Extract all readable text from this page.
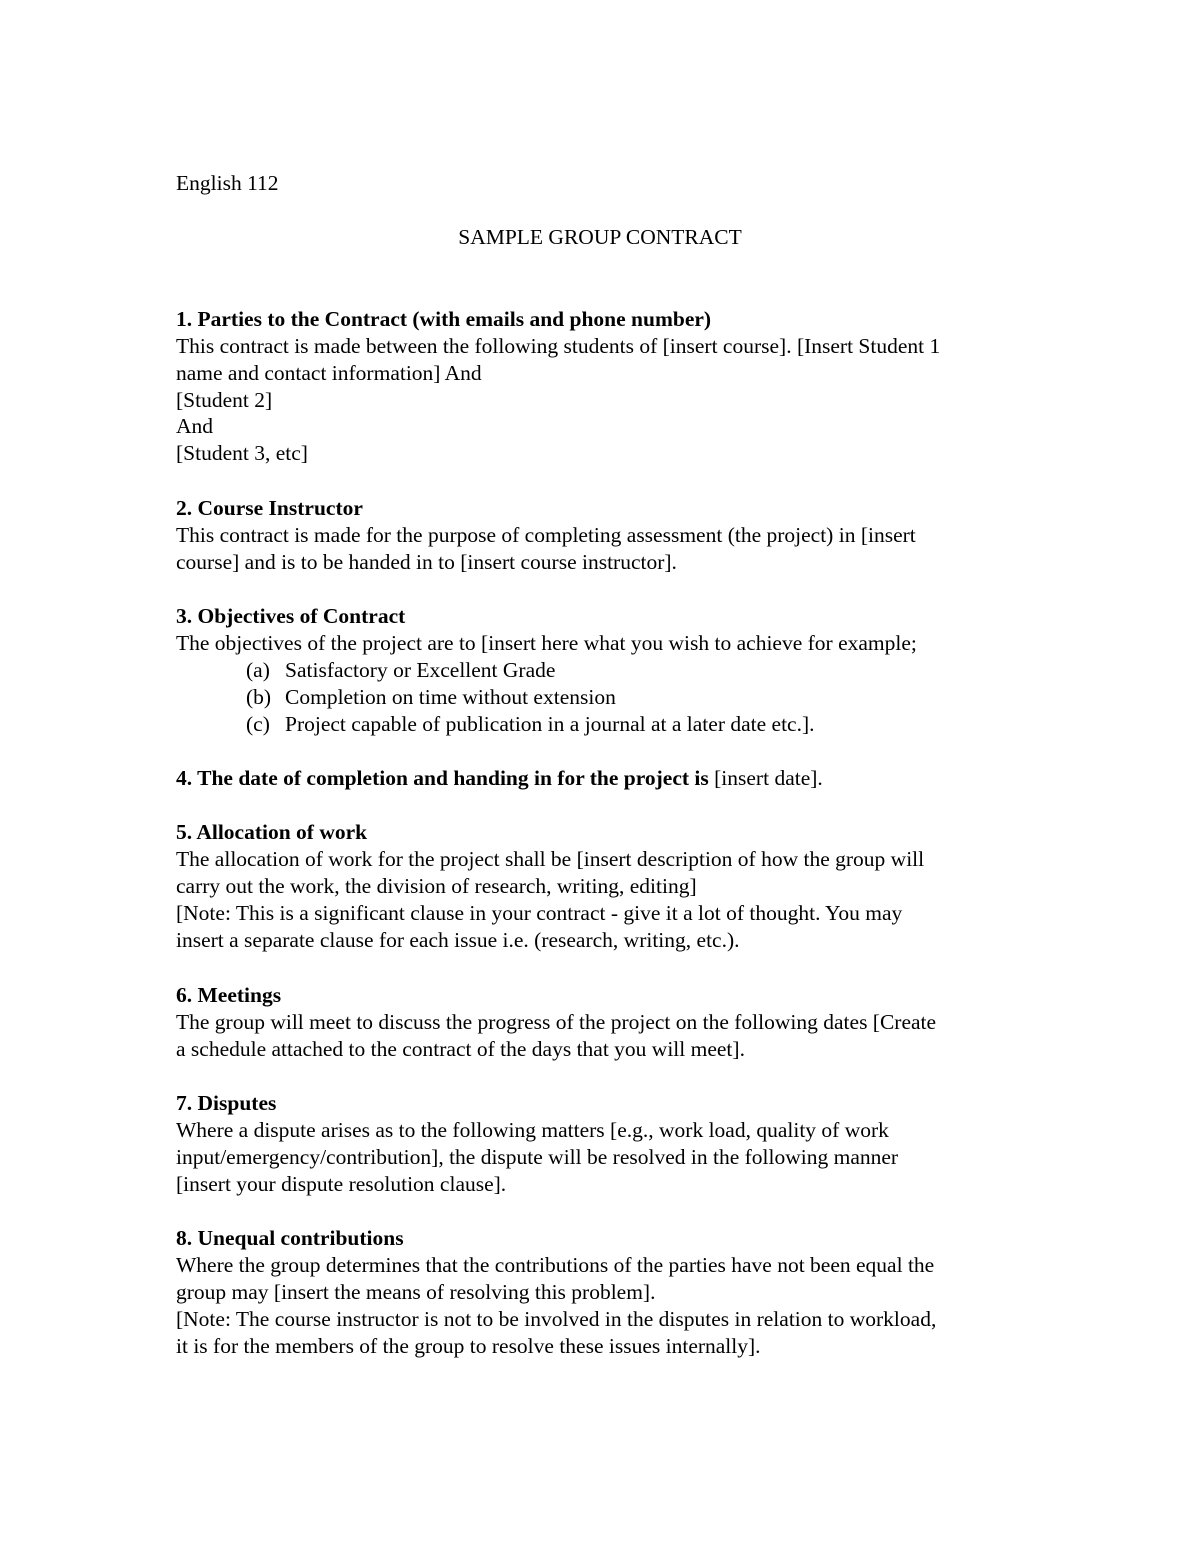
English 112
SAMPLE GROUP CONTRACT
1. Parties to the Contract (with emails and phone number)
This contract is made between the following students of [insert course]. [Insert Student 1
name and contact information] And
[Student 2]
And
[Student 3, etc]
2. Course Instructor
This contract is made for the purpose of completing assessment (the project) in [insert
course] and is to be handed in to [insert course instructor].
3. Objectives of Contract
The objectives of the project are to [insert here what you wish to achieve for example;
(a) Satisfactory or Excellent Grade
(b) Completion on time without extension
(c) Project capable of publication in a journal at a later date etc.].
4. The date of completion and handing in for the project is [insert date].
5. Allocation of work
The allocation of work for the project shall be [insert description of how the group will
carry out the work, the division of research, writing, editing]
[Note: This is a significant clause in your contract - give it a lot of thought. You may
insert a separate clause for each issue i.e. (research, writing, etc.).
6. Meetings
The group will meet to discuss the progress of the project on the following dates [Create
a schedule attached to the contract of the days that you will meet].
7. Disputes
Where a dispute arises as to the following matters [e.g., work load, quality of work
input/emergency/contribution], the dispute will be resolved in the following manner
[insert your dispute resolution clause].
8. Unequal contributions
Where the group determines that the contributions of the parties have not been equal the
group may [insert the means of resolving this problem].
[Note: The course instructor is not to be involved in the disputes in relation to workload,
it is for the members of the group to resolve these issues internally].
